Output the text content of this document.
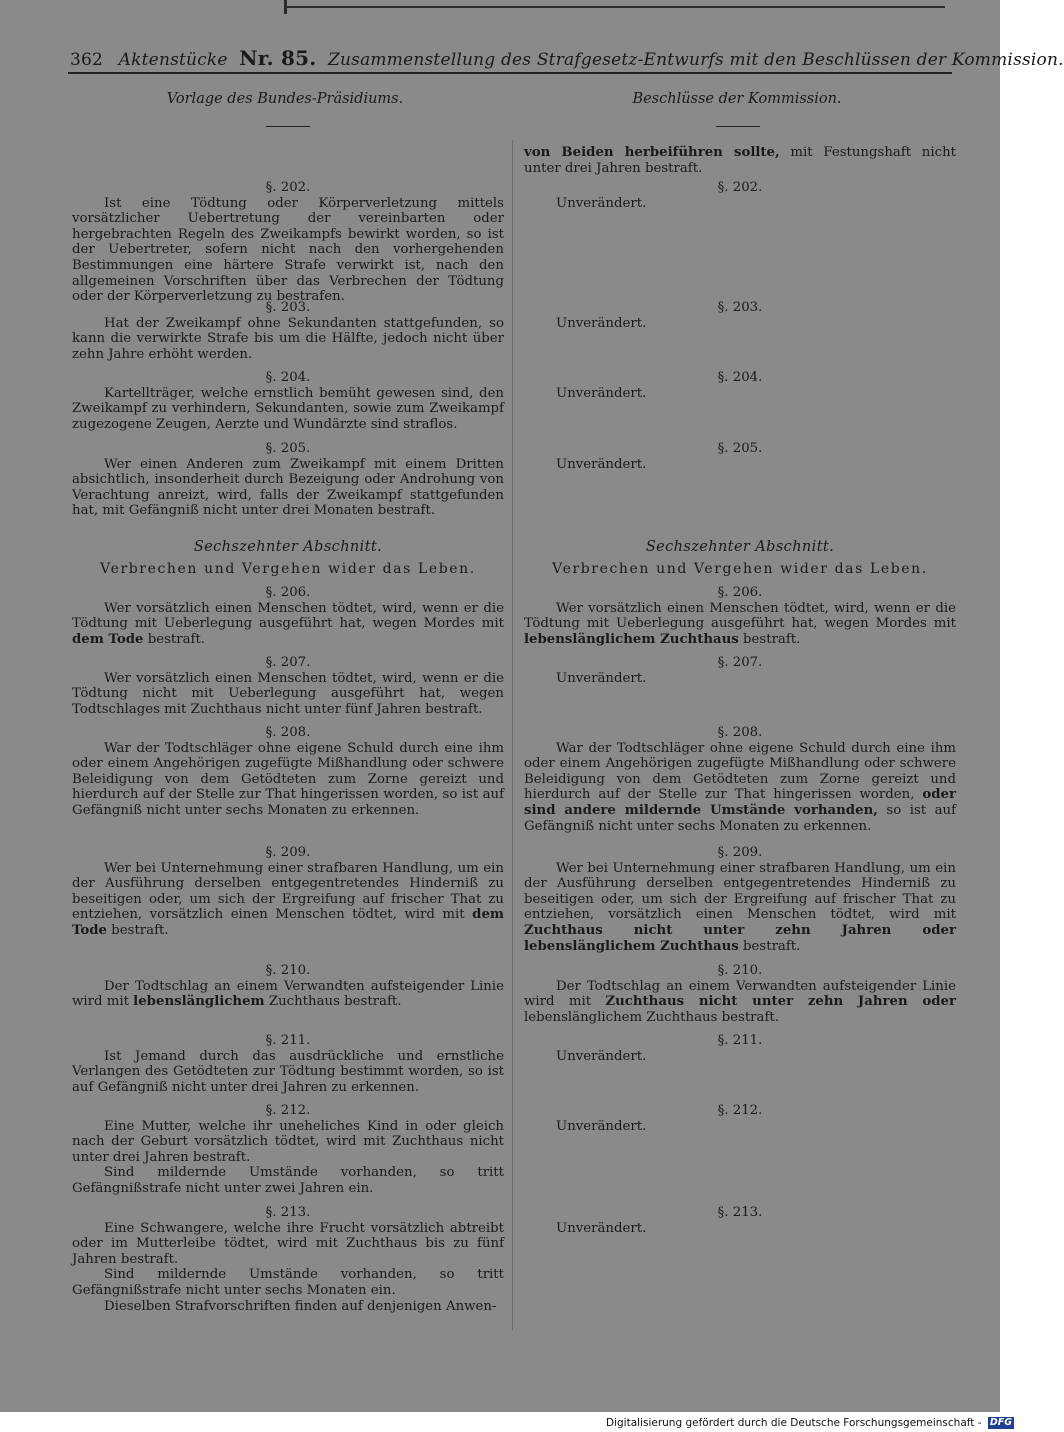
362 Aktenstücke Nr. 85. Zusammenstellung des Strafgesetz-Entwurfs mit den Beschlüssen der Kommission.
Vorlage des Bundes-Präsidiums.	Beschlüsse der Kommission.
§. 202.
Ist eine Tödtung oder Körperverletzung mittels vorsätzlicher Uebertretung der vereinbarten oder hergebrachten Regeln des Zweikampfs bewirkt worden, so ist der Uebertreter, sofern nicht nach den vorhergehenden Bestimmungen eine härtere Strafe verwirkt ist, nach den allgemeinen Vorschriften über das Verbrechen der Tödtung oder der Körperverletzung zu bestrafen.
§. 203.
Hat der Zweikampf ohne Sekundanten stattgefunden, so kann die verwirkte Strafe bis um die Hälfte, jedoch nicht über zehn Jahre erhöht werden.
§. 204.
Kartellträger, welche ernstlich bemüht gewesen sind, den Zweikampf zu verhindern, Sekundanten, sowie zum Zweikampf zugezogene Zeugen, Aerzte und Wundärzte sind straflos.
§. 205.
Wer einen Anderen zum Zweikampf mit einem Dritten absichtlich, insonderheit durch Bezeigung oder Androhung von Verachtung anreizt, wird, falls der Zweikampf stattgefunden hat, mit Gefängniß nicht unter drei Monaten bestraft.
Sechszehnter Abschnitt.
Verbrechen und Vergehen wider das Leben.
§. 206.
Wer vorsätzlich einen Menschen tödtet, wird, wenn er die Tödtung mit Ueberlegung ausgeführt hat, wegen Mordes mit dem Tode bestraft.
§. 207.
Wer vorsätzlich einen Menschen tödtet, wird, wenn er die Tödtung nicht mit Ueberlegung ausgeführt hat, wegen Todtschlages mit Zuchthaus nicht unter fünf Jahren bestraft.
§. 208.
War der Todtschläger ohne eigene Schuld durch eine ihm oder einem Angehörigen zugefügte Mißhandlung oder schwere Beleidigung von dem Getödteten zum Zorne gereizt und hierdurch auf der Stelle zur That hingerissen worden, so ist auf Gefängniß nicht unter sechs Monaten zu erkennen.
§. 209.
Wer bei Unternehmung einer strafbaren Handlung, um ein der Ausführung derselben entgegentretendes Hinderniß zu beseitigen oder, um sich der Ergreifung auf frischer That zu entziehen, vorsätzlich einen Menschen tödtet, wird mit dem Tode bestraft.
§. 210.
Der Todtschlag an einem Verwandten aufsteigender Linie wird mit lebenslänglichem Zuchthaus bestraft.
§. 211.
Ist Jemand durch das ausdrückliche und ernstliche Verlangen des Getödteten zur Tödtung bestimmt worden, so ist auf Gefängniß nicht unter drei Jahren zu erkennen.
§. 212.
Eine Mutter, welche ihr uneheliches Kind in oder gleich nach der Geburt vorsätzlich tödtet, wird mit Zuchthaus nicht unter drei Jahren bestraft.
Sind mildernde Umstände vorhanden, so tritt Gefängnißstrafe nicht unter zwei Jahren ein.
§. 213.
Eine Schwangere, welche ihre Frucht vorsätzlich abtreibt oder im Mutterleibe tödtet, wird mit Zuchthaus bis zu fünf Jahren bestraft.
Sind mildernde Umstände vorhanden, so tritt Gefängnißstrafe nicht unter sechs Monaten ein.
Dieselben Strafvorschriften finden auf denjenigen Anwen-
von Beiden herbeiführen sollte, mit Festungshaft nicht unter drei Jahren bestraft.
§. 202.
Unverändert.
§. 203.
Unverändert.
§. 204.
Unverändert.
§. 205.
Unverändert.
Sechszehnter Abschnitt.
Verbrechen und Vergehen wider das Leben.
§. 206.
Wer vorsätzlich einen Menschen tödtet, wird, wenn er die Tödtung mit Ueberlegung ausgeführt hat, wegen Mordes mit lebenslänglichem Zuchthaus bestraft.
§. 207.
Unverändert.
§. 208.
War der Todtschläger ohne eigene Schuld durch eine ihm oder einem Angehörigen zugefügte Mißhandlung oder schwere Beleidigung von dem Getödteten zum Zorne gereizt und hierdurch auf der Stelle zur That hingerissen worden, oder sind andere mildernde Umstände vorhanden, so ist auf Gefängniß nicht unter sechs Monaten zu erkennen.
§. 209.
Wer bei Unternehmung einer strafbaren Handlung, um ein der Ausführung derselben entgegentretendes Hinderniß zu beseitigen oder, um sich der Ergreifung auf frischer That zu entziehen, vorsätzlich einen Menschen tödtet, wird mit Zuchthaus nicht unter zehn Jahren oder lebenslänglichem Zuchthaus bestraft.
§. 210.
Der Todtschlag an einem Verwandten aufsteigender Linie wird mit Zuchthaus nicht unter zehn Jahren oder lebenslänglichem Zuchthaus bestraft.
§. 211.
Unverändert.
§. 212.
Unverändert.
§. 213.
Unverändert.
Digitalisierung gefördert durch die Deutsche Forschungsgemeinschaft - DFG
